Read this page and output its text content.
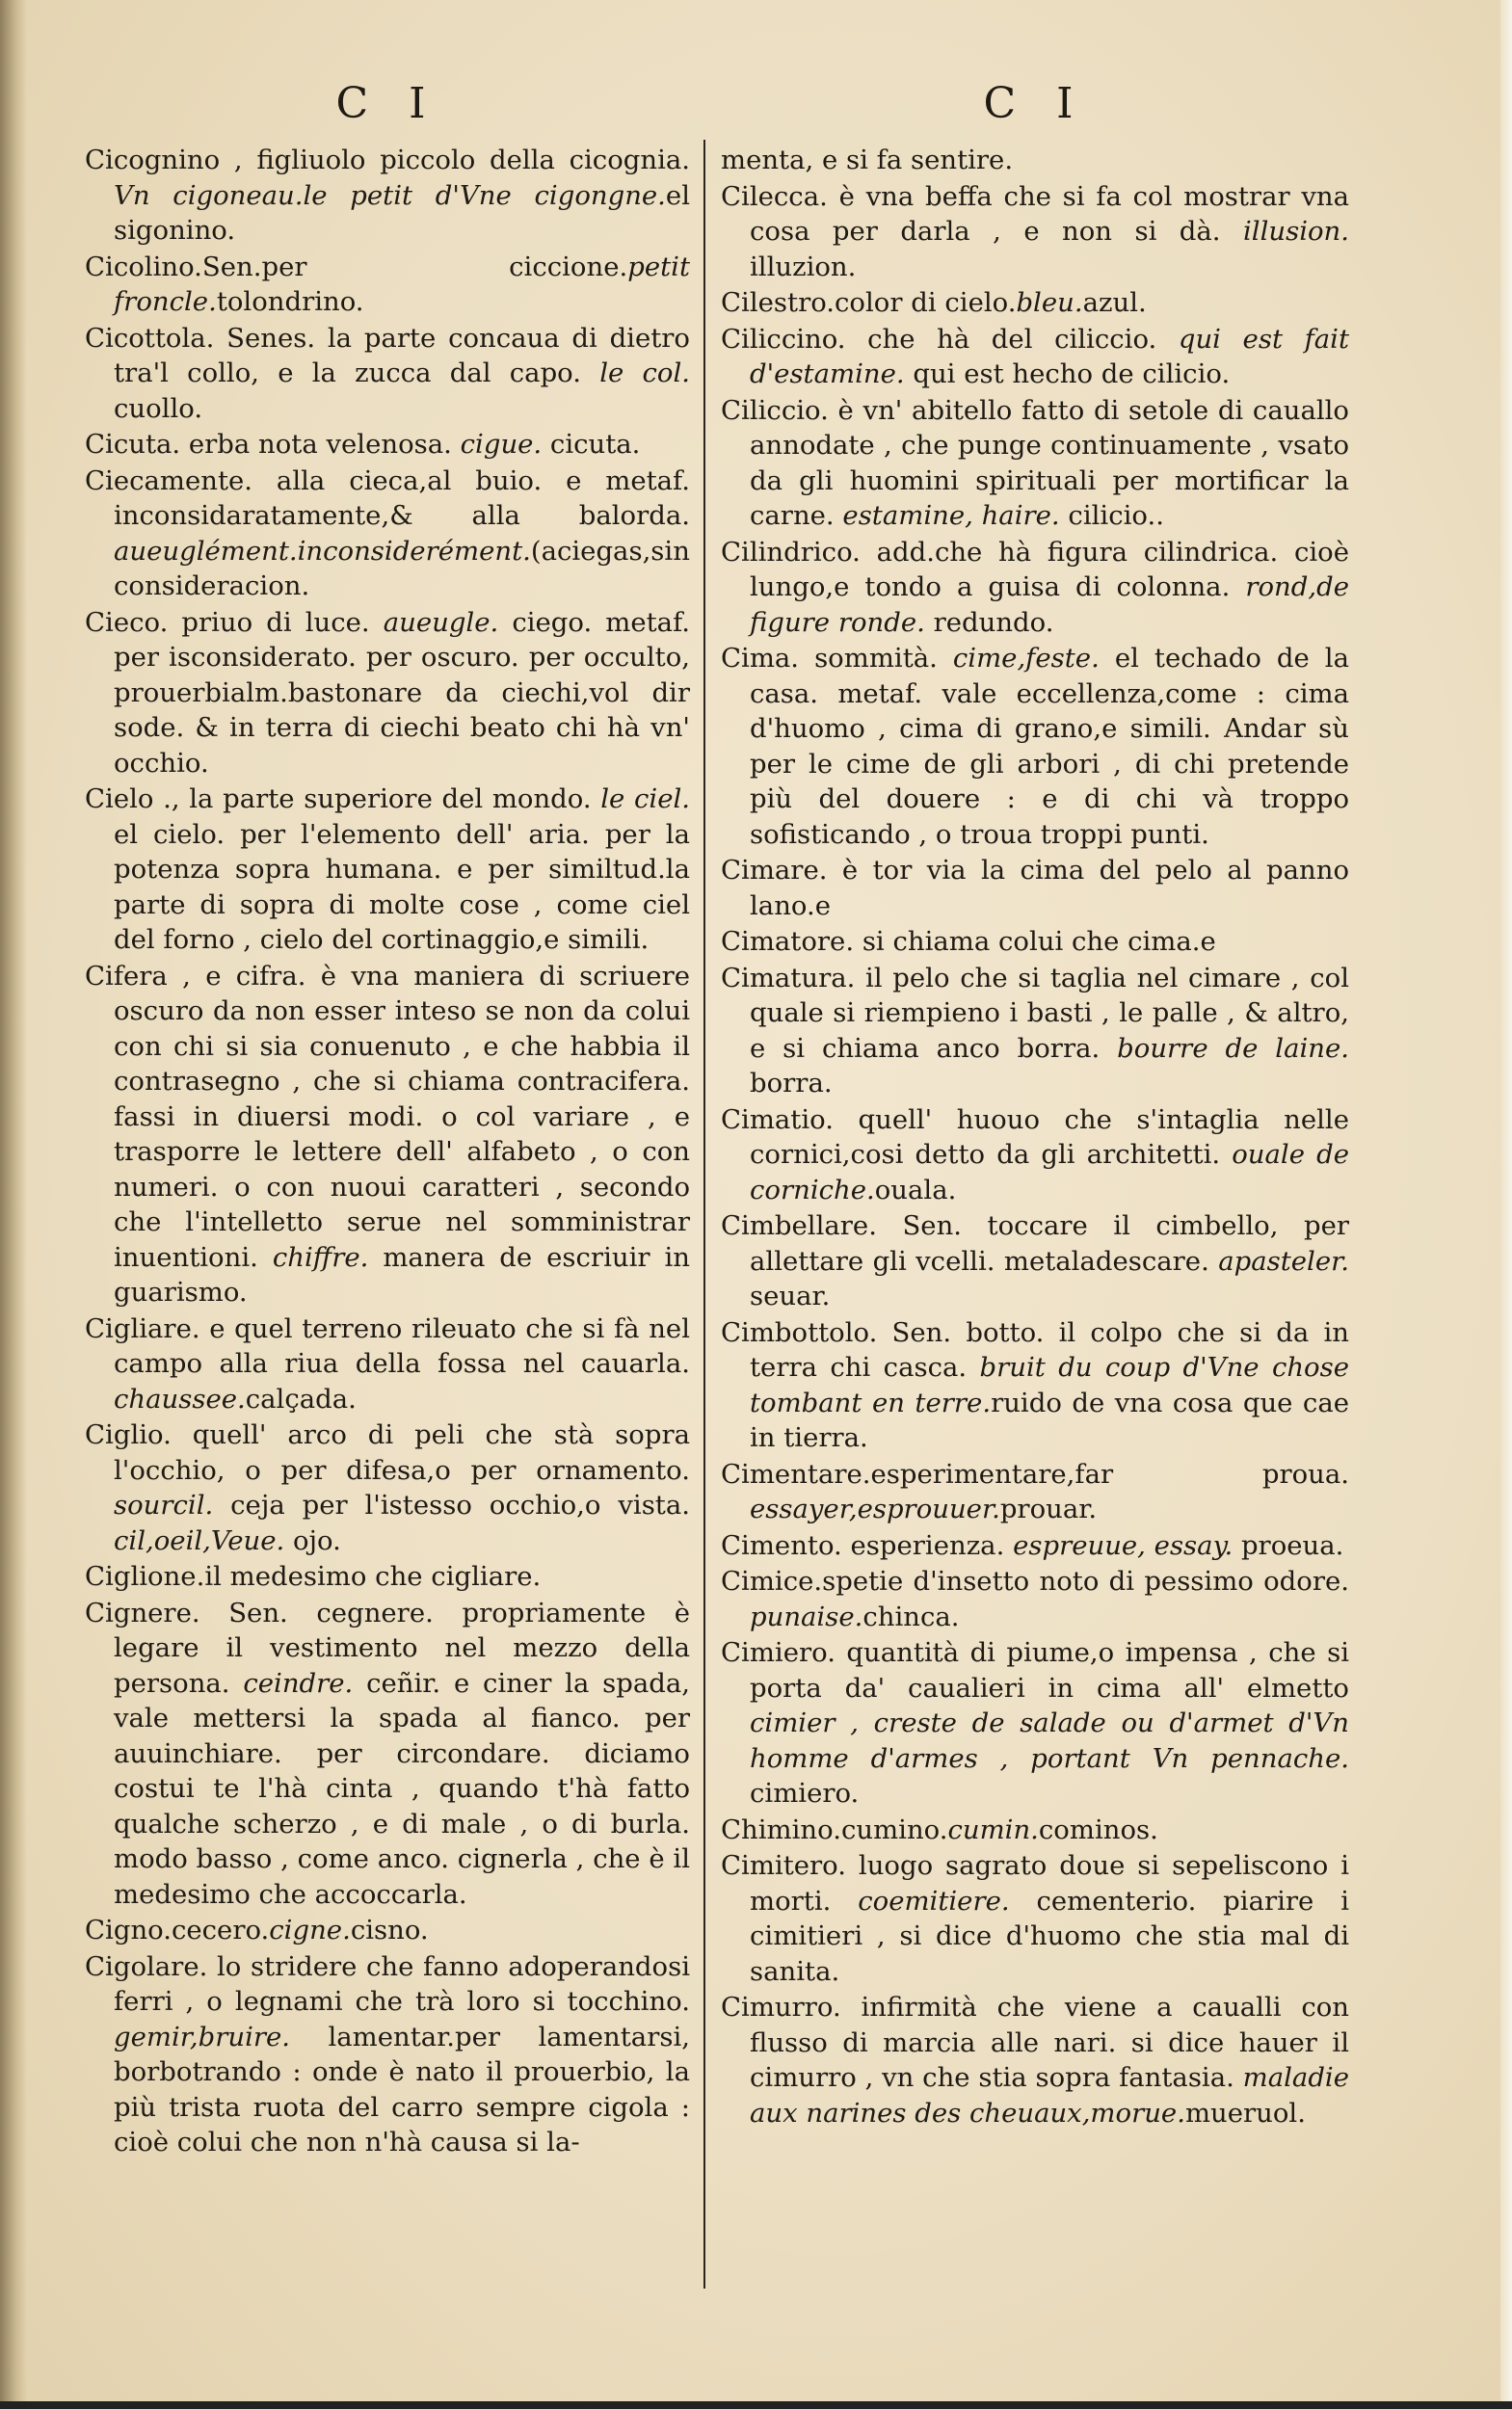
C I

Cicognino , figliuolo piccolo della cicognia. Vn cigoneau.le petit d'Vne cigongne.el sigonino.

Cicolino.Sen.per ciccione.petit froncle.tolondrino.

Cicottola. Senes. la parte concaua di dietro tra'l collo, e la zucca dal capo. le col. cuollo.

Cicuta. erba nota velenosa. cigue. cicuta.

Ciecamente. alla cieca,al buio. e metaf. inconsidaratamente,& alla balorda. aueuglément.inconsiderément.(aciegas,sin consideracion.

Cieco. priuo di luce. aueugle. ciego. metaf. per isconsiderato. per oscuro. per occulto, prouerbialm.bastonare da ciechi,vol dir sode. & in terra di ciechi beato chi hà vn' occhio.

Cielo ., la parte superiore del mondo. le ciel. el cielo. per l'elemento dell' aria. per la potenza sopra humana. e per similtud.la parte di sopra di molte cose , come ciel del forno , cielo del cortinaggio,e simili.

Cifera , e cifra. è vna maniera di scriuere oscuro da non esser inteso se non da colui con chi si sia conuenuto , e che habbia il contrasegno , che si chiama contracifera. fassi in diuersi modi. o col variare , e trasporre le lettere dell' alfabeto , o con numeri. o con nuoui caratteri , secondo che l'intelletto serue nel somministrar inuentioni. chiffre. manera de escriuir in guarismo.

Cigliare. e quel terreno rileuato che si fà nel campo alla riua della fossa nel cauarla. chaussee.calçada.

Ciglio. quell' arco di peli che stà sopra l'occhio, o per difesa,o per ornamento. sourcil. ceja per l'istesso occhio,o vista. cil,oeil,Veue. ojo.

Ciglione.il medesimo che cigliare.

Cignere. Sen. cegnere. propriamente è legare il vestimento nel mezzo della persona. ceindre. ceñir. e ciner la spada, vale mettersi la spada al fianco. per auuinchiare. per circondare. diciamo costui te l'hà cinta , quando t'hà fatto qualche scherzo , e di male , o di burla. modo basso , come anco. cignerla , che è il medesimo che accoccarla.

Cigno.cecero.cigne.cisno.

Cigolare. lo stridere che fanno adoperandosi ferri , o legnami che trà loro si tocchino. gemir,bruire. lamentar.per lamentarsi, borbotrando : onde è nato il prouerbio, la più trista ruota del carro sempre cigola : cioè colui che non n'hà causa si la-

C I

menta, e si fa sentire.

Cilecca. è vna beffa che si fa col mostrar vna cosa per darla , e non si dà. illusion. illuzion.

Cilestro.color di cielo.bleu.azul.

Ciliccino. che hà del ciliccio. qui est fait d'estamine. qui est hecho de cilicio.

Ciliccio. è vn' abitello fatto di setole di cauallo annodate , che punge continuamente , vsato da gli huomini spirituali per mortificar la carne. estamine, haire. cilicio..

Cilindrico. add.che hà figura cilindrica. cioè lungo,e tondo a guisa di colonna. rond,de figure ronde. redundo.

Cima. sommità. cime,feste. el techado de la casa. metaf. vale eccellenza,come : cima d'huomo , cima di grano,e simili. Andar sù per le cime de gli arbori , di chi pretende più del douere : e di chi và troppo sofisticando , o troua troppi punti.

Cimare. è tor via la cima del pelo al panno lano.e

Cimatore. si chiama colui che cima.e

Cimatura. il pelo che si taglia nel cimare , col quale si riempieno i basti , le palle , & altro, e si chiama anco borra. bourre de laine. borra.

Cimatio. quell' huouo che s'intaglia nelle cornici,cosi detto da gli architetti. ouale de corniche.ouala.

Cimbellare. Sen. toccare il cimbello, per allettare gli vcelli. metaladescare. apasteler. seuar.

Cimbottolo. Sen. botto. il colpo che si da in terra chi casca. bruit du coup d'Vne chose tombant en terre.ruido de vna cosa que cae in tierra.

Cimentare.esperimentare,far proua. essayer,esprouuer.prouar.

Cimento. esperienza. espreuue, essay. proeua.

Cimice.spetie d'insetto noto di pessimo odore. punaise.chinca.

Cimiero. quantità di piume,o impensa , che si porta da' caualieri in cima all' elmetto cimier , creste de salade ou d'armet d'Vn homme d'armes , portant Vn pennache. cimiero.

Chimino.cumino.cumin.cominos.

Cimitero. luogo sagrato doue si sepeliscono i morti. coemitiere. cementerio. piarire i cimitieri , si dice d'huomo che stia mal di sanita.

Cimurro. infirmità che viene a caualli con flusso di marcia alle nari. si dice hauer il cimurro , vn che stia sopra fantasia. maladie aux narines des cheuaux,morue.mueruol.
